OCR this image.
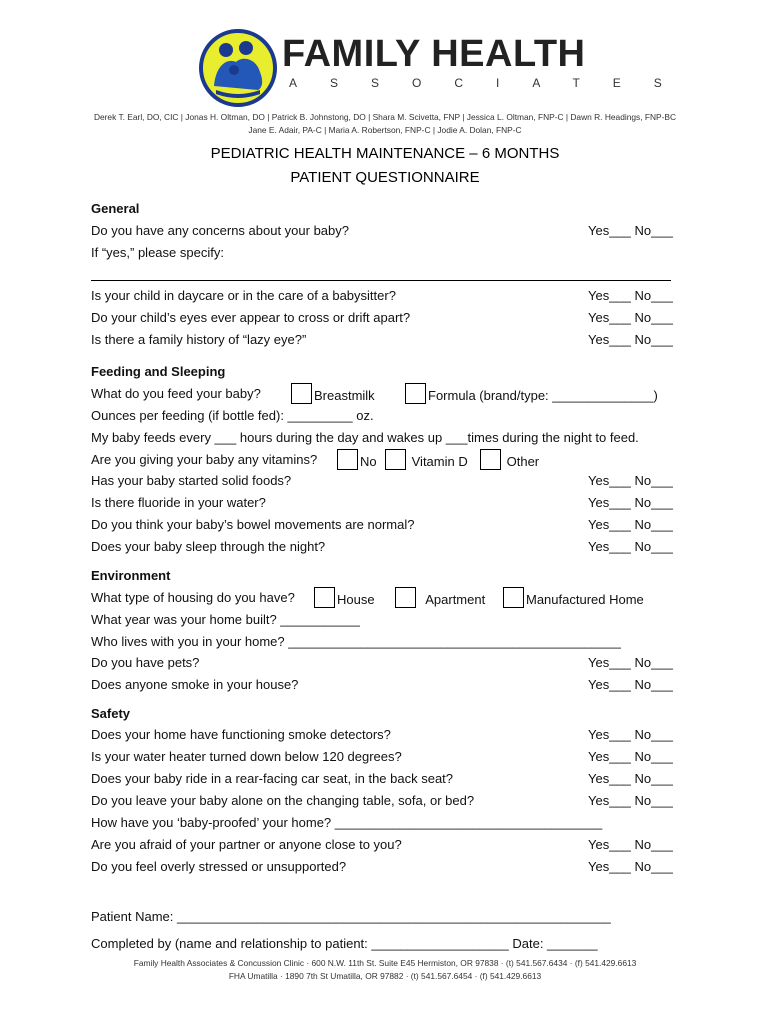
FAMILY HEALTH
ASSOCIATES
Derek T. Earl, DO, CIC | Jonas H. Oltman, DO | Patrick B. Johnstong, DO | Shara M. Scivetta, FNP | Jessica L. Oltman, FNP-C | Dawn R. Headings, FNP-BC
Jane E. Adair, PA-C | Maria A. Robertson, FNP-C | Jodie A. Dolan, FNP-C
PEDIATRIC HEALTH MAINTENANCE – 6 MONTHS
PATIENT QUESTIONNAIRE
General
Do you have any concerns about your baby?	Yes___ No___
If “yes,” please specify:
Is your child in daycare or in the care of a babysitter?	Yes___ No___
Do your child’s eyes ever appear to cross or drift apart?	Yes___ No___
Is there a family history of “lazy eye?”	Yes___ No___
Feeding and Sleeping
What do you feed your baby?	Breastmilk	Formula (brand/type: ______________)
Ounces per feeding (if bottle fed): _________ oz.
My baby feeds every ___ hours during the day and wakes up ___times during the night to feed.
Are you giving your baby any vitamins?	No	Vitamin D	Other
Has your baby started solid foods?	Yes___ No___
Is there fluoride in your water?	Yes___ No___
Do you think your baby’s bowel movements are normal?	Yes___ No___
Does your baby sleep through the night?	Yes___ No___
Environment
What type of housing do you have?	House	Apartment	Manufactured Home
What year was your home built? ___________
Who lives with you in your home? ______________________________________________
Do you have pets?	Yes___ No___
Does anyone smoke in your house?	Yes___ No___
Safety
Does your home have functioning smoke detectors?	Yes___ No___
Is your water heater turned down below 120 degrees?	Yes___ No___
Does your baby ride in a rear-facing car seat, in the back seat?	Yes___ No___
Do you leave your baby alone on the changing table, sofa, or bed?	Yes___ No___
How have you ‘baby-proofed’ your home? _____________________________________
Are you afraid of your partner or anyone close to you?	Yes___ No___
Do you feel overly stressed or unsupported?	Yes___ No___
Patient Name: ____________________________________________________________
Completed by (name and relationship to patient: ___________________ Date: _______
Family Health Associates & Concussion Clinic · 600 N.W. 11th St. Suite E45 Hermiston, OR 97838 · (t) 541.567.6434 · (f) 541.429.6613
FHA Umatilla · 1890 7th St Umatilla, OR 97882 · (t) 541.567.6454 · (f) 541.429.6613
